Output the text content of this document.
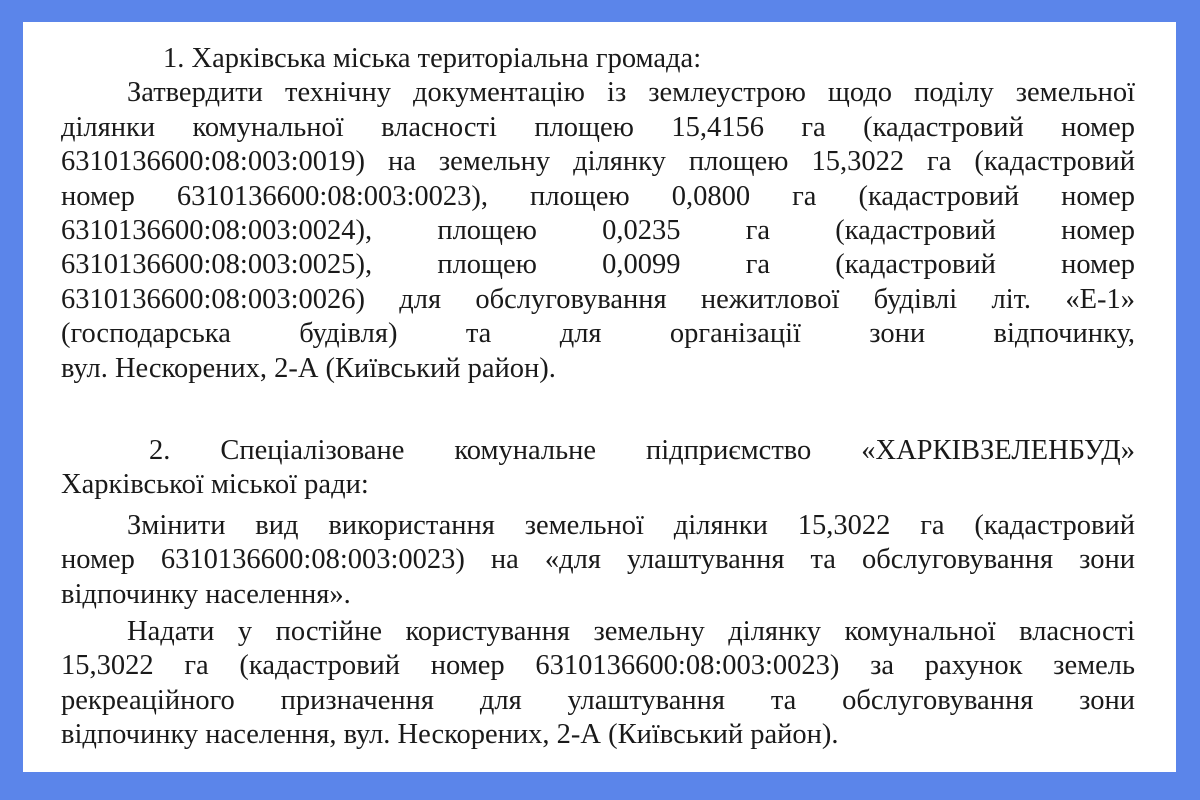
1. Харківська міська територіальна громада:
Затвердити технічну документацію із землеустрою щодо поділу земельної
ділянки комунальної власності площею 15,4156 га (кадастровий номер
6310136600:08:003:0019) на земельну ділянку площею 15,3022 га (кадастровий
номер 6310136600:08:003:0023), площею 0,0800 га (кадастровий номер
6310136600:08:003:0024), площею 0,0235 га (кадастровий номер
6310136600:08:003:0025), площею 0,0099 га (кадастровий номер
6310136600:08:003:0026) для обслуговування нежитлової будівлі літ. «Е-1»
(господарська будівля) та для організації зони відпочинку,
вул. Нескорених, 2-А (Київський район).
2. Спеціалізоване комунальне підприємство «ХАРКІВЗЕЛЕНБУД»
Харківської міської ради:
Змінити вид використання земельної ділянки 15,3022 га (кадастровий
номер 6310136600:08:003:0023) на «для улаштування та обслуговування зони
відпочинку населення».
Надати у постійне користування земельну ділянку комунальної власності
15,3022 га (кадастровий номер 6310136600:08:003:0023) за рахунок земель
рекреаційного призначення для улаштування та обслуговування зони
відпочинку населення, вул. Нескорених, 2-А (Київський район).
